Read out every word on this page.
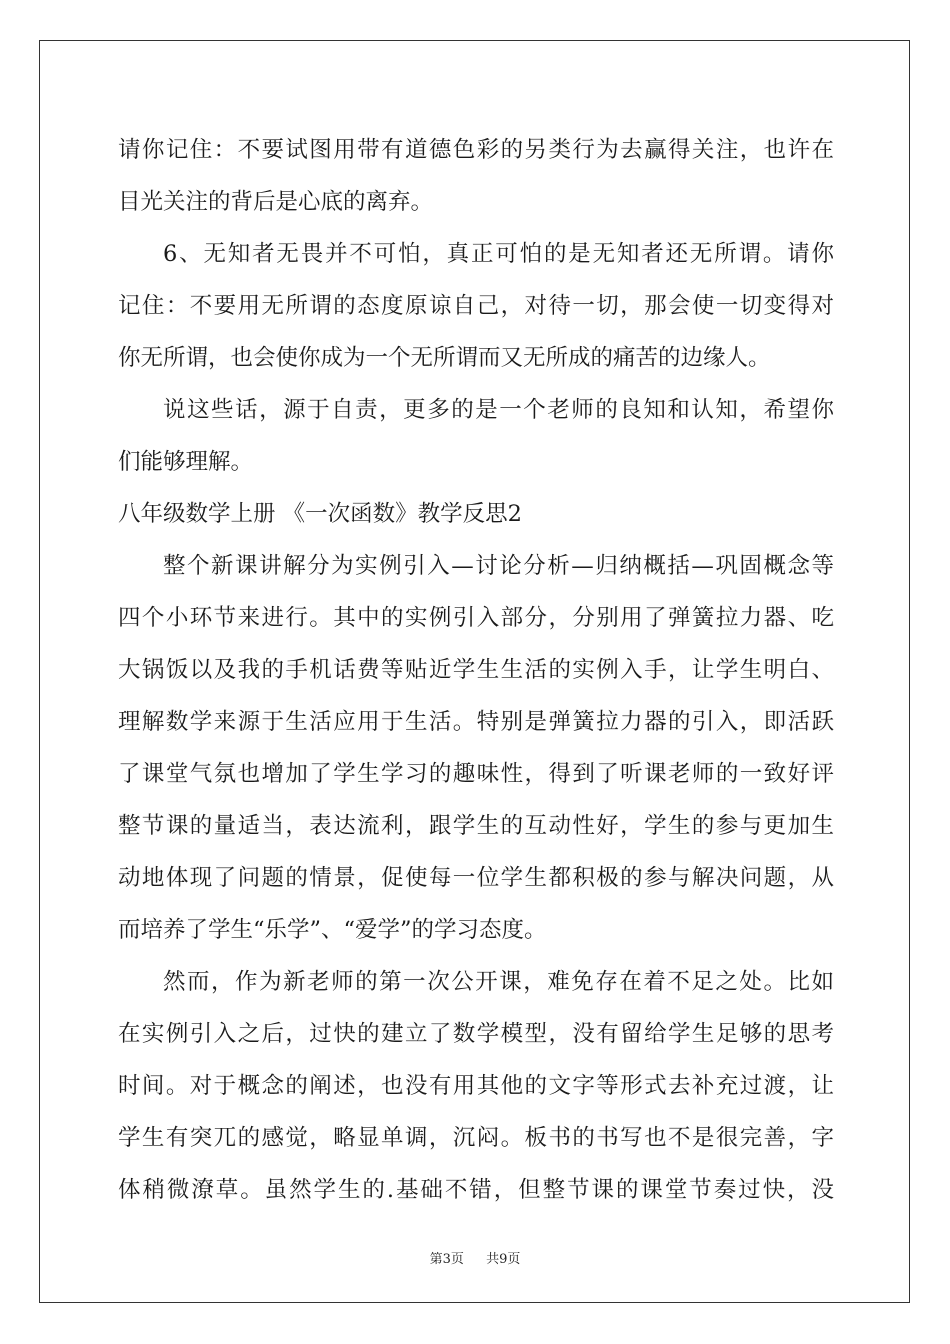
请你记住：不要试图用带有道德色彩的另类行为去赢得关注，也许在
目光关注的背后是心底的离弃。
6、无知者无畏并不可怕，真正可怕的是无知者还无所谓。请你
记住：不要用无所谓的态度原谅自己，对待一切，那会使一切变得对
你无所谓，也会使你成为一个无所谓而又无所成的痛苦的边缘人。
说这些话，源于自责，更多的是一个老师的良知和认知，希望你
们能够理解。
八年级数学上册 《一次函数》教学反思2
整个新课讲解分为实例引入—讨论分析—归纳概括—巩固概念等
四个小环节来进行。其中的实例引入部分，分别用了弹簧拉力器、吃
大锅饭以及我的手机话费等贴近学生生活的实例入手，让学生明白、
理解数学来源于生活应用于生活。特别是弹簧拉力器的引入，即活跃
了课堂气氛也增加了学生学习的趣味性，得到了听课老师的一致好评
整节课的量适当，表达流利，跟学生的互动性好，学生的参与更加生
动地体现了问题的情景，促使每一位学生都积极的参与解决问题，从
而培养了学生“乐学”、“爱学”的学习态度。
然而，作为新老师的第一次公开课，难免存在着不足之处。比如
在实例引入之后，过快的建立了数学模型，没有留给学生足够的思考
时间。对于概念的阐述，也没有用其他的文字等形式去补充过渡，让
学生有突兀的感觉，略显单调，沉闷。板书的书写也不是很完善，字
体稍微潦草。虽然学生的.基础不错，但整节课的课堂节奏过快，没
第3页 共9页
